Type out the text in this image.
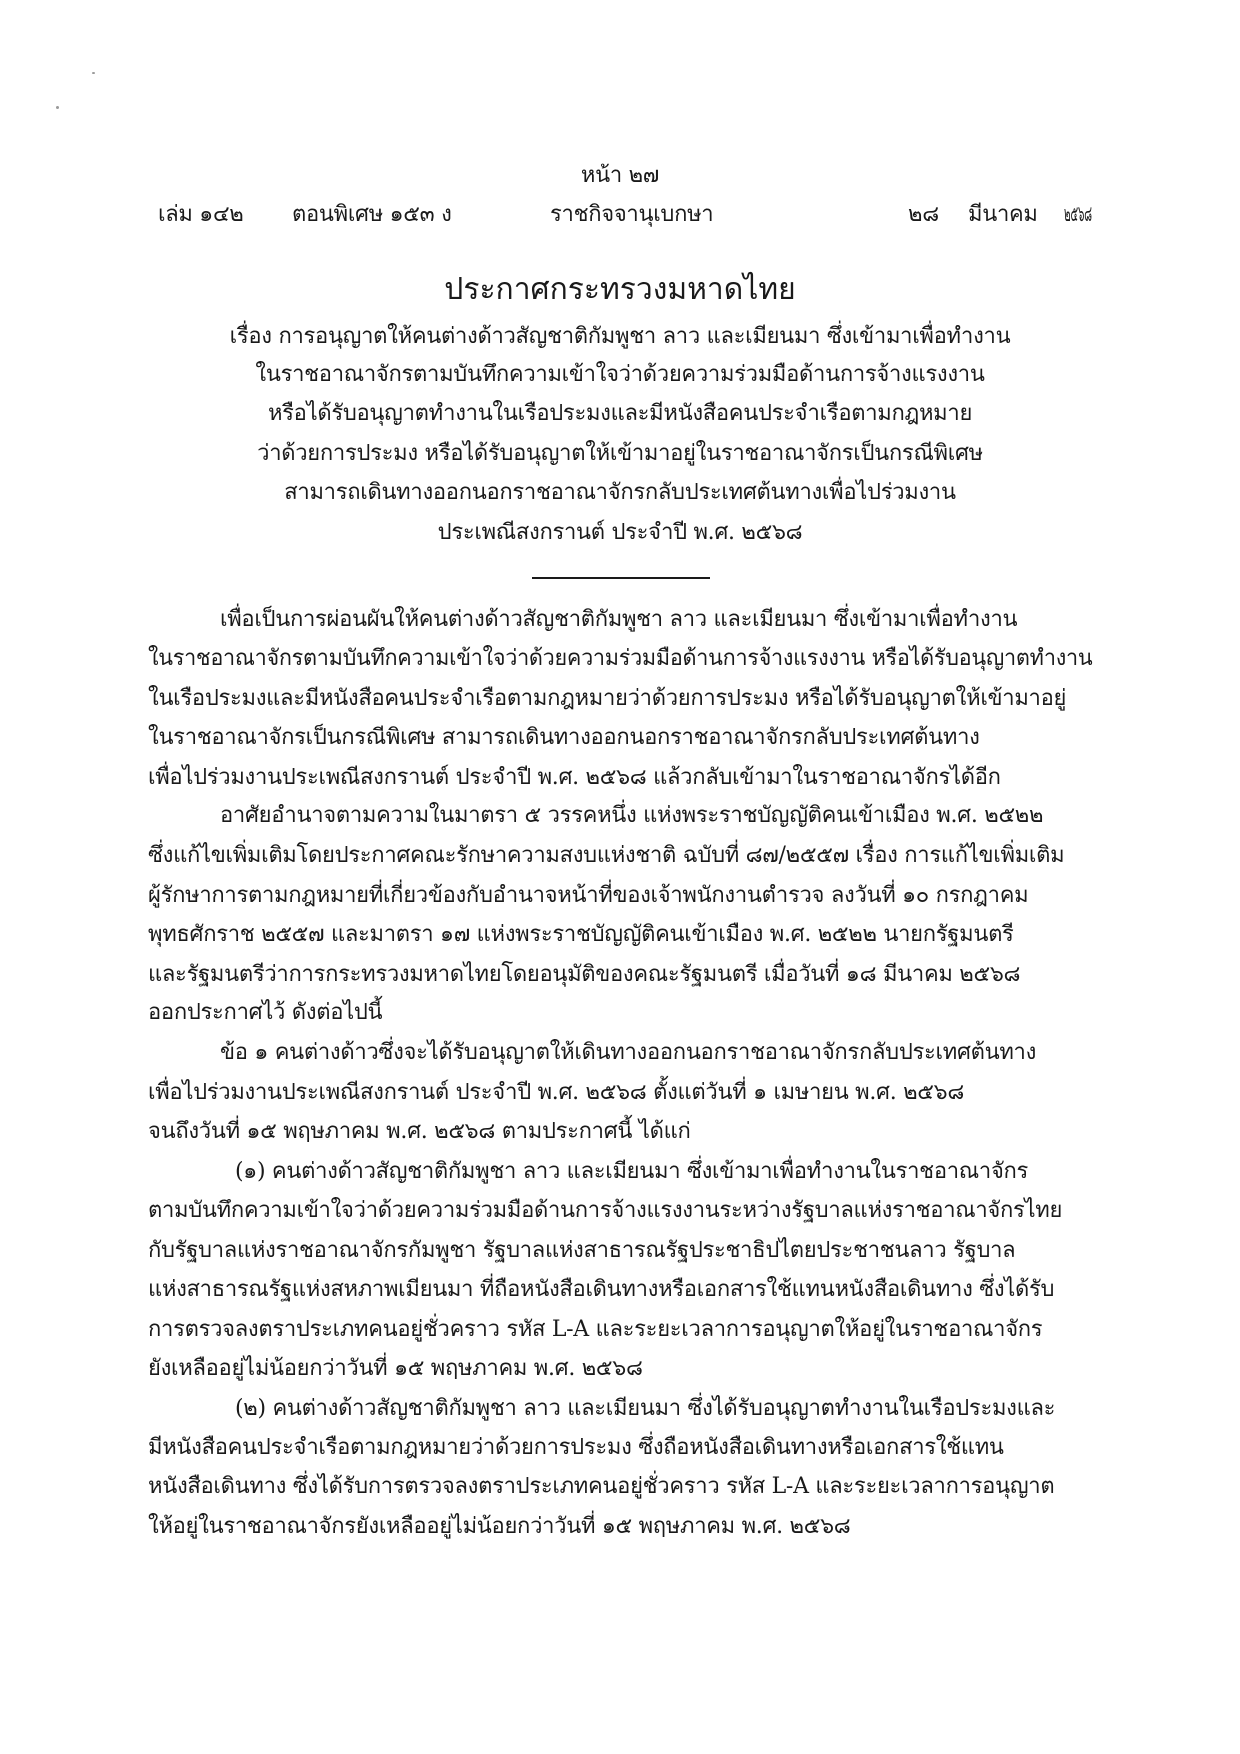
หน้า ๒๗
เล่ม ๑๔๒ ตอนพิเศษ ๑๕๓ ง	ราชกิจจานุเบกษา	๒๘ มีนาคม ๒๕๖๘
ประกาศกระทรวงมหาดไทย
เรื่อง การอนุญาตให้คนต่างด้าวสัญชาติกัมพูชา ลาว และเมียนมา ซึ่งเข้ามาเพื่อทำงาน
ในราชอาณาจักรตามบันทึกความเข้าใจว่าด้วยความร่วมมือด้านการจ้างแรงงาน
หรือได้รับอนุญาตทำงานในเรือประมงและมีหนังสือคนประจำเรือตามกฎหมาย
ว่าด้วยการประมง หรือได้รับอนุญาตให้เข้ามาอยู่ในราชอาณาจักรเป็นกรณีพิเศษ
สามารถเดินทางออกนอกราชอาณาจักรกลับประเทศต้นทางเพื่อไปร่วมงาน
ประเพณีสงกรานต์ ประจำปี พ.ศ. ๒๕๖๘
เพื่อเป็นการผ่อนผันให้คนต่างด้าวสัญชาติกัมพูชา ลาว และเมียนมา ซึ่งเข้ามาเพื่อทำงาน
ในราชอาณาจักรตามบันทึกความเข้าใจว่าด้วยความร่วมมือด้านการจ้างแรงงาน หรือได้รับอนุญาตทำงาน
ในเรือประมงและมีหนังสือคนประจำเรือตามกฎหมายว่าด้วยการประมง หรือได้รับอนุญาตให้เข้ามาอยู่
ในราชอาณาจักรเป็นกรณีพิเศษ สามารถเดินทางออกนอกราชอาณาจักรกลับประเทศต้นทาง
เพื่อไปร่วมงานประเพณีสงกรานต์ ประจำปี พ.ศ. ๒๕๖๘ แล้วกลับเข้ามาในราชอาณาจักรได้อีก
อาศัยอำนาจตามความในมาตรา ๕ วรรคหนึ่ง แห่งพระราชบัญญัติคนเข้าเมือง พ.ศ. ๒๕๒๒
ซึ่งแก้ไขเพิ่มเติมโดยประกาศคณะรักษาความสงบแห่งชาติ ฉบับที่ ๘๗/๒๕๕๗ เรื่อง การแก้ไขเพิ่มเติม
ผู้รักษาการตามกฎหมายที่เกี่ยวข้องกับอำนาจหน้าที่ของเจ้าพนักงานตำรวจ ลงวันที่ ๑๐ กรกฎาคม
พุทธศักราช ๒๕๕๗ และมาตรา ๑๗ แห่งพระราชบัญญัติคนเข้าเมือง พ.ศ. ๒๕๒๒ นายกรัฐมนตรี
และรัฐมนตรีว่าการกระทรวงมหาดไทยโดยอนุมัติของคณะรัฐมนตรี เมื่อวันที่ ๑๘ มีนาคม ๒๕๖๘
ออกประกาศไว้ ดังต่อไปนี้
ข้อ ๑ คนต่างด้าวซึ่งจะได้รับอนุญาตให้เดินทางออกนอกราชอาณาจักรกลับประเทศต้นทาง
เพื่อไปร่วมงานประเพณีสงกรานต์ ประจำปี พ.ศ. ๒๕๖๘ ตั้งแต่วันที่ ๑ เมษายน พ.ศ. ๒๕๖๘
จนถึงวันที่ ๑๕ พฤษภาคม พ.ศ. ๒๕๖๘ ตามประกาศนี้ ได้แก่
(๑) คนต่างด้าวสัญชาติกัมพูชา ลาว และเมียนมา ซึ่งเข้ามาเพื่อทำงานในราชอาณาจักร
ตามบันทึกความเข้าใจว่าด้วยความร่วมมือด้านการจ้างแรงงานระหว่างรัฐบาลแห่งราชอาณาจักรไทย
กับรัฐบาลแห่งราชอาณาจักรกัมพูชา รัฐบาลแห่งสาธารณรัฐประชาธิปไตยประชาชนลาว รัฐบาล
แห่งสาธารณรัฐแห่งสหภาพเมียนมา ที่ถือหนังสือเดินทางหรือเอกสารใช้แทนหนังสือเดินทาง ซึ่งได้รับ
การตรวจลงตราประเภทคนอยู่ชั่วคราว รหัส L-A และระยะเวลาการอนุญาตให้อยู่ในราชอาณาจักร
ยังเหลืออยู่ไม่น้อยกว่าวันที่ ๑๕ พฤษภาคม พ.ศ. ๒๕๖๘
(๒) คนต่างด้าวสัญชาติกัมพูชา ลาว และเมียนมา ซึ่งได้รับอนุญาตทำงานในเรือประมงและ
มีหนังสือคนประจำเรือตามกฎหมายว่าด้วยการประมง ซึ่งถือหนังสือเดินทางหรือเอกสารใช้แทน
หนังสือเดินทาง ซึ่งได้รับการตรวจลงตราประเภทคนอยู่ชั่วคราว รหัส L-A และระยะเวลาการอนุญาต
ให้อยู่ในราชอาณาจักรยังเหลืออยู่ไม่น้อยกว่าวันที่ ๑๕ พฤษภาคม พ.ศ. ๒๕๖๘
